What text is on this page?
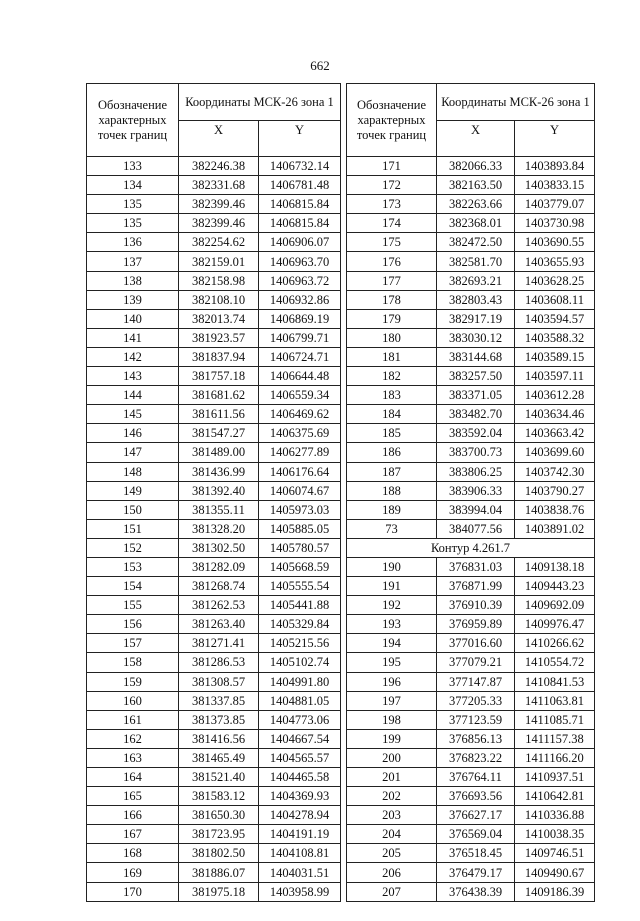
662
Обозначение характерных точек границ	Координаты МСК-26 зона 1	
	X	Y
133	382246.38	1406732.14
134	382331.68	1406781.48
135	382399.46	1406815.84
135	382399.46	1406815.84
136	382254.62	1406906.07
137	382159.01	1406963.70
138	382158.98	1406963.72
139	382108.10	1406932.86
140	382013.74	1406869.19
141	381923.57	1406799.71
142	381837.94	1406724.71
143	381757.18	1406644.48
144	381681.62	1406559.34
145	381611.56	1406469.62
146	381547.27	1406375.69
147	381489.00	1406277.89
148	381436.99	1406176.64
149	381392.40	1406074.67
150	381355.11	1405973.03
151	381328.20	1405885.05
152	381302.50	1405780.57
153	381282.09	1405668.59
154	381268.74	1405555.54
155	381262.53	1405441.88
156	381263.40	1405329.84
157	381271.41	1405215.56
158	381286.53	1405102.74
159	381308.57	1404991.80
160	381337.85	1404881.05
161	381373.85	1404773.06
162	381416.56	1404667.54
163	381465.49	1404565.57
164	381521.40	1404465.58
165	381583.12	1404369.93
166	381650.30	1404278.94
167	381723.95	1404191.19
168	381802.50	1404108.81
169	381886.07	1404031.51
170	381975.18	1403958.99
Обозначение характерных точек границ	Координаты МСК-26 зона 1	
	X	Y
171	382066.33	1403893.84
172	382163.50	1403833.15
173	382263.66	1403779.07
174	382368.01	1403730.98
175	382472.50	1403690.55
176	382581.70	1403655.93
177	382693.21	1403628.25
178	382803.43	1403608.11
179	382917.19	1403594.57
180	383030.12	1403588.32
181	383144.68	1403589.15
182	383257.50	1403597.11
183	383371.05	1403612.28
184	383482.70	1403634.46
185	383592.04	1403663.42
186	383700.73	1403699.60
187	383806.25	1403742.30
188	383906.33	1403790.27
189	383994.04	1403838.76
73	384077.56	1403891.02
Контур 4.261.7		
190	376831.03	1409138.18
191	376871.99	1409443.23
192	376910.39	1409692.09
193	376959.89	1409976.47
194	377016.60	1410266.62
195	377079.21	1410554.72
196	377147.87	1410841.53
197	377205.33	1411063.81
198	377123.59	1411085.71
199	376856.13	1411157.38
200	376823.22	1411166.20
201	376764.11	1410937.51
202	376693.56	1410642.81
203	376627.17	1410336.88
204	376569.04	1410038.35
205	376518.45	1409746.51
206	376479.17	1409490.67
207	376438.39	1409186.39
